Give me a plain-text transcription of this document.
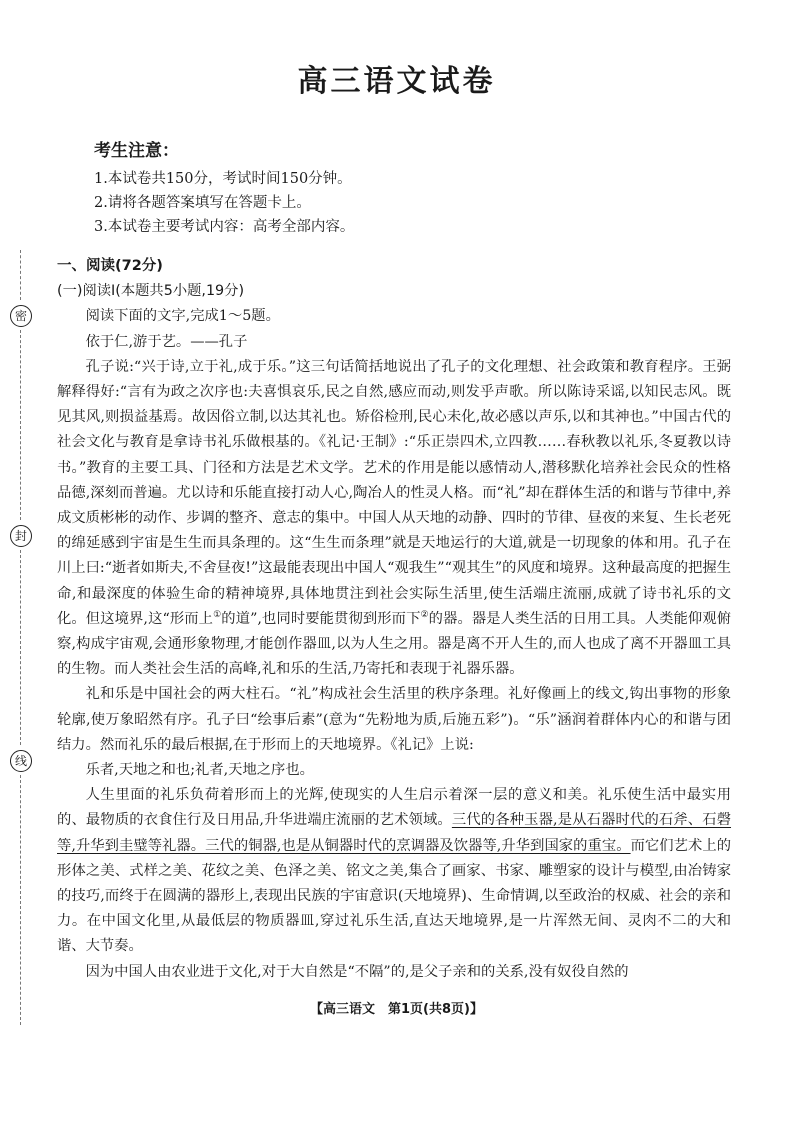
高三语文试卷
考生注意：
1.本试卷共150分，考试时间150分钟。
2.请将各题答案填写在答题卡上。
3.本试卷主要考试内容：高考全部内容。
密
封
线
一、阅读(72分)
(一)阅读Ⅰ(本题共5小题,19分)

阅读下面的文字,完成1～5题。

依于仁,游于艺。——孔子

孔子说:“兴于诗,立于礼,成于乐。”这三句话简括地说出了孔子的文化理想、社会政策和教育程序。王弼解释得好:“言有为政之次序也:夫喜惧哀乐,民之自然,感应而动,则发乎声歌。所以陈诗采谣,以知民志风。既见其风,则损益基焉。故因俗立制,以达其礼也。矫俗检刑,民心未化,故必感以声乐,以和其神也。”中国古代的社会文化与教育是拿诗书礼乐做根基的。《礼记·王制》:“乐正崇四术,立四教……春秋教以礼乐,冬夏教以诗书。”教育的主要工具、门径和方法是艺术文学。艺术的作用是能以感情动人,潜移默化培养社会民众的性格品德,深刻而普遍。尤以诗和乐能直接打动人心,陶冶人的性灵人格。而“礼”却在群体生活的和谐与节律中,养成文质彬彬的动作、步调的整齐、意志的集中。中国人从天地的动静、四时的节律、昼夜的来复、生长老死的绵延感到宇宙是生生而具条理的。这“生生而条理”就是天地运行的大道,就是一切现象的体和用。孔子在川上曰:“逝者如斯夫,不舍昼夜!”这最能表现出中国人“观我生”“观其生”的风度和境界。这种最高度的把握生命,和最深度的体验生命的精神境界,具体地贯注到社会实际生活里,使生活端庄流丽,成就了诗书礼乐的文化。但这境界,这“形而上①的道”,也同时要能贯彻到形而下②的器。器是人类生活的日用工具。人类能仰观俯察,构成宇宙观,会通形象物理,才能创作器皿,以为人生之用。器是离不开人生的,而人也成了离不开器皿工具的生物。而人类社会生活的高峰,礼和乐的生活,乃寄托和表现于礼器乐器。

礼和乐是中国社会的两大柱石。“礼”构成社会生活里的秩序条理。礼好像画上的线文,钩出事物的形象轮廓,使万象昭然有序。孔子曰“绘事后素”(意为“先粉地为质,后施五彩”)。“乐”涵润着群体内心的和谐与团结力。然而礼乐的最后根据,在于形而上的天地境界。《礼记》上说:

乐者,天地之和也;礼者,天地之序也。

人生里面的礼乐负荷着形而上的光辉,使现实的人生启示着深一层的意义和美。礼乐使生活中最实用的、最物质的衣食住行及日用品,升华进端庄流丽的艺术领域。三代的各种玉器,是从石器时代的石斧、石磬等,升华到圭璧等礼器。三代的铜器,也是从铜器时代的烹调器及饮器等,升华到国家的重宝。而它们艺术上的形体之美、式样之美、花纹之美、色泽之美、铭文之美,集合了画家、书家、雕塑家的设计与模型,由冶铸家的技巧,而终于在圆满的器形上,表现出民族的宇宙意识(天地境界)、生命情调,以至政治的权威、社会的亲和力。在中国文化里,从最低层的物质器皿,穿过礼乐生活,直达天地境界,是一片浑然无间、灵肉不二的大和谐、大节奏。

因为中国人由农业进于文化,对于大自然是“不隔”的,是父子亲和的关系,没有奴役自然的

【高三语文　第1页(共8页)】
